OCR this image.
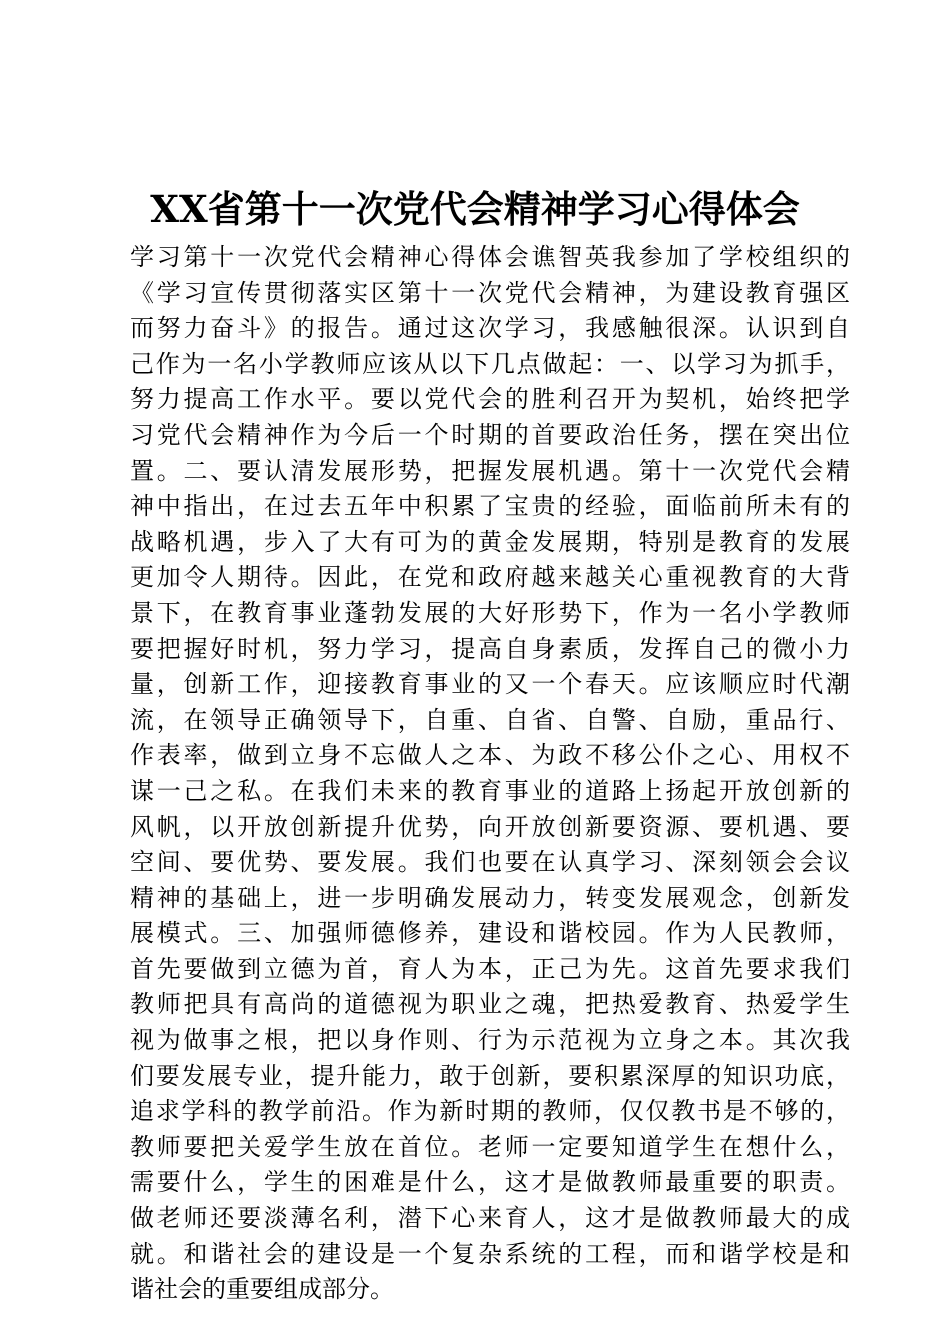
XX省第十一次党代会精神学习心得体会
学习第十一次党代会精神心得体会谯智英我参加了学校组织的
《学习宣传贯彻落实区第十一次党代会精神，为建设教育强区
而努力奋斗》的报告。通过这次学习，我感触很深。认识到自
己作为一名小学教师应该从以下几点做起：一、以学习为抓手，
努力提高工作水平。要以党代会的胜利召开为契机，始终把学
习党代会精神作为今后一个时期的首要政治任务，摆在突出位
置。二、要认清发展形势，把握发展机遇。第十一次党代会精
神中指出，在过去五年中积累了宝贵的经验，面临前所未有的
战略机遇，步入了大有可为的黄金发展期，特别是教育的发展
更加令人期待。因此，在党和政府越来越关心重视教育的大背
景下，在教育事业蓬勃发展的大好形势下，作为一名小学教师
要把握好时机，努力学习，提高自身素质，发挥自己的微小力
量，创新工作，迎接教育事业的又一个春天。应该顺应时代潮
流，在领导正确领导下，自重、自省、自警、自励，重品行、
作表率，做到立身不忘做人之本、为政不移公仆之心、用权不
谋一己之私。在我们未来的教育事业的道路上扬起开放创新的
风帆，以开放创新提升优势，向开放创新要资源、要机遇、要
空间、要优势、要发展。我们也要在认真学习、深刻领会会议
精神的基础上，进一步明确发展动力，转变发展观念，创新发
展模式。三、加强师德修养，建设和谐校园。作为人民教师，
首先要做到立德为首，育人为本，正己为先。这首先要求我们
教师把具有高尚的道德视为职业之魂，把热爱教育、热爱学生
视为做事之根，把以身作则、行为示范视为立身之本。其次我
们要发展专业，提升能力，敢于创新，要积累深厚的知识功底，
追求学科的教学前沿。作为新时期的教师，仅仅教书是不够的，
教师要把关爱学生放在首位。老师一定要知道学生在想什么，
需要什么，学生的困难是什么，这才是做教师最重要的职责。
做老师还要淡薄名利，潜下心来育人，这才是做教师最大的成
就。和谐社会的建设是一个复杂系统的工程，而和谐学校是和
谐社会的重要组成部分。
